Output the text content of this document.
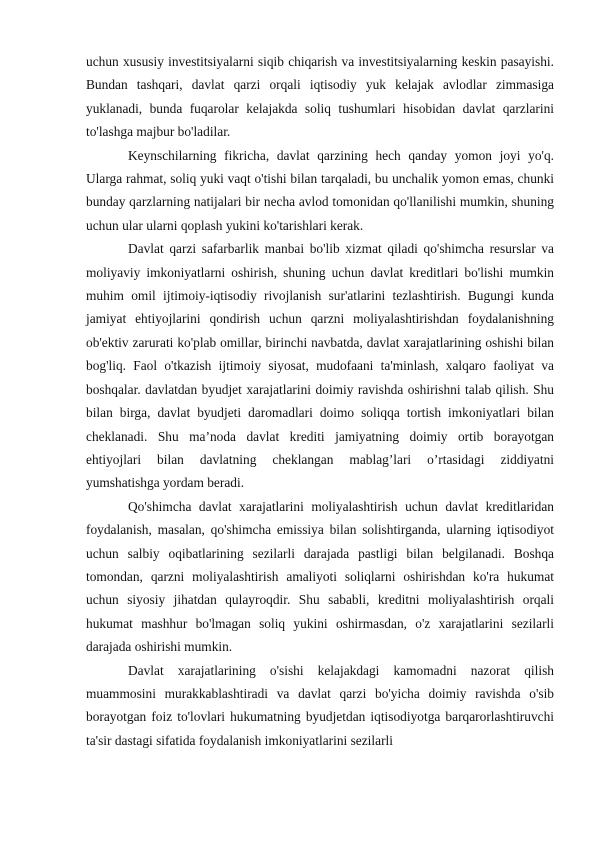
uchun xususiy investitsiyalarni siqib chiqarish va investitsiyalarning keskin pasayishi. Bundan tashqari, davlat qarzi orqali iqtisodiy yuk kelajak avlodlar zimmasiga yuklanadi, bunda fuqarolar kelajakda soliq tushumlari hisobidan davlat qarzlarini to'lashga majbur bo'ladilar.

Keynschilarning fikricha, davlat qarzining hech qanday yomon joyi yo'q. Ularga rahmat, soliq yuki vaqt o'tishi bilan tarqaladi, bu unchalik yomon emas, chunki bunday qarzlarning natijalari bir necha avlod tomonidan qo'llanilishi mumkin, shuning uchun ular ularni qoplash yukini ko'tarishlari kerak.

Davlat qarzi safarbarlik manbai bo'lib xizmat qiladi qo'shimcha resurslar va moliyaviy imkoniyatlarni oshirish, shuning uchun davlat kreditlari bo'lishi mumkin muhim omil ijtimoiy-iqtisodiy rivojlanish sur'atlarini tezlashtirish. Bugungi kunda jamiyat ehtiyojlarini qondirish uchun qarzni moliyalashtirishdan foydalanishning ob'ektiv zarurati ko'plab omillar, birinchi navbatda, davlat xarajatlarining oshishi bilan bog'liq. Faol o'tkazish ijtimoiy siyosat, mudofaani ta'minlash, xalqaro faoliyat va boshqalar. davlatdan byudjet xarajatlarini doimiy ravishda oshirishni talab qilish. Shu bilan birga, davlat byudjeti daromadlari doimo soliqqa tortish imkoniyatlari bilan cheklanadi. Shu ma’noda davlat krediti jamiyatning doimiy ortib borayotgan ehtiyojlari bilan davlatning cheklangan mablag’lari o’rtasidagi ziddiyatni yumshatishga yordam beradi.

Qo'shimcha davlat xarajatlarini moliyalashtirish uchun davlat kreditlaridan foydalanish, masalan, qo'shimcha emissiya bilan solishtirganda, ularning iqtisodiyot uchun salbiy oqibatlarining sezilarli darajada pastligi bilan belgilanadi. Boshqa tomondan, qarzni moliyalashtirish amaliyoti soliqlarni oshirishdan ko'ra hukumat uchun siyosiy jihatdan qulayroqdir. Shu sababli, kreditni moliyalashtirish orqali hukumat mashhur bo'lmagan soliq yukini oshirmasdan, o'z xarajatlarini sezilarli darajada oshirishi mumkin.

Davlat xarajatlarining o'sishi kelajakdagi kamomadni nazorat qilish muammosini murakkablashtiradi va davlat qarzi bo'yicha doimiy ravishda o'sib borayotgan foiz to'lovlari hukumatning byudjetdan iqtisodiyotga barqarorlashtiruvchi ta'sir dastagi sifatida foydalanish imkoniyatlarini sezilarli
